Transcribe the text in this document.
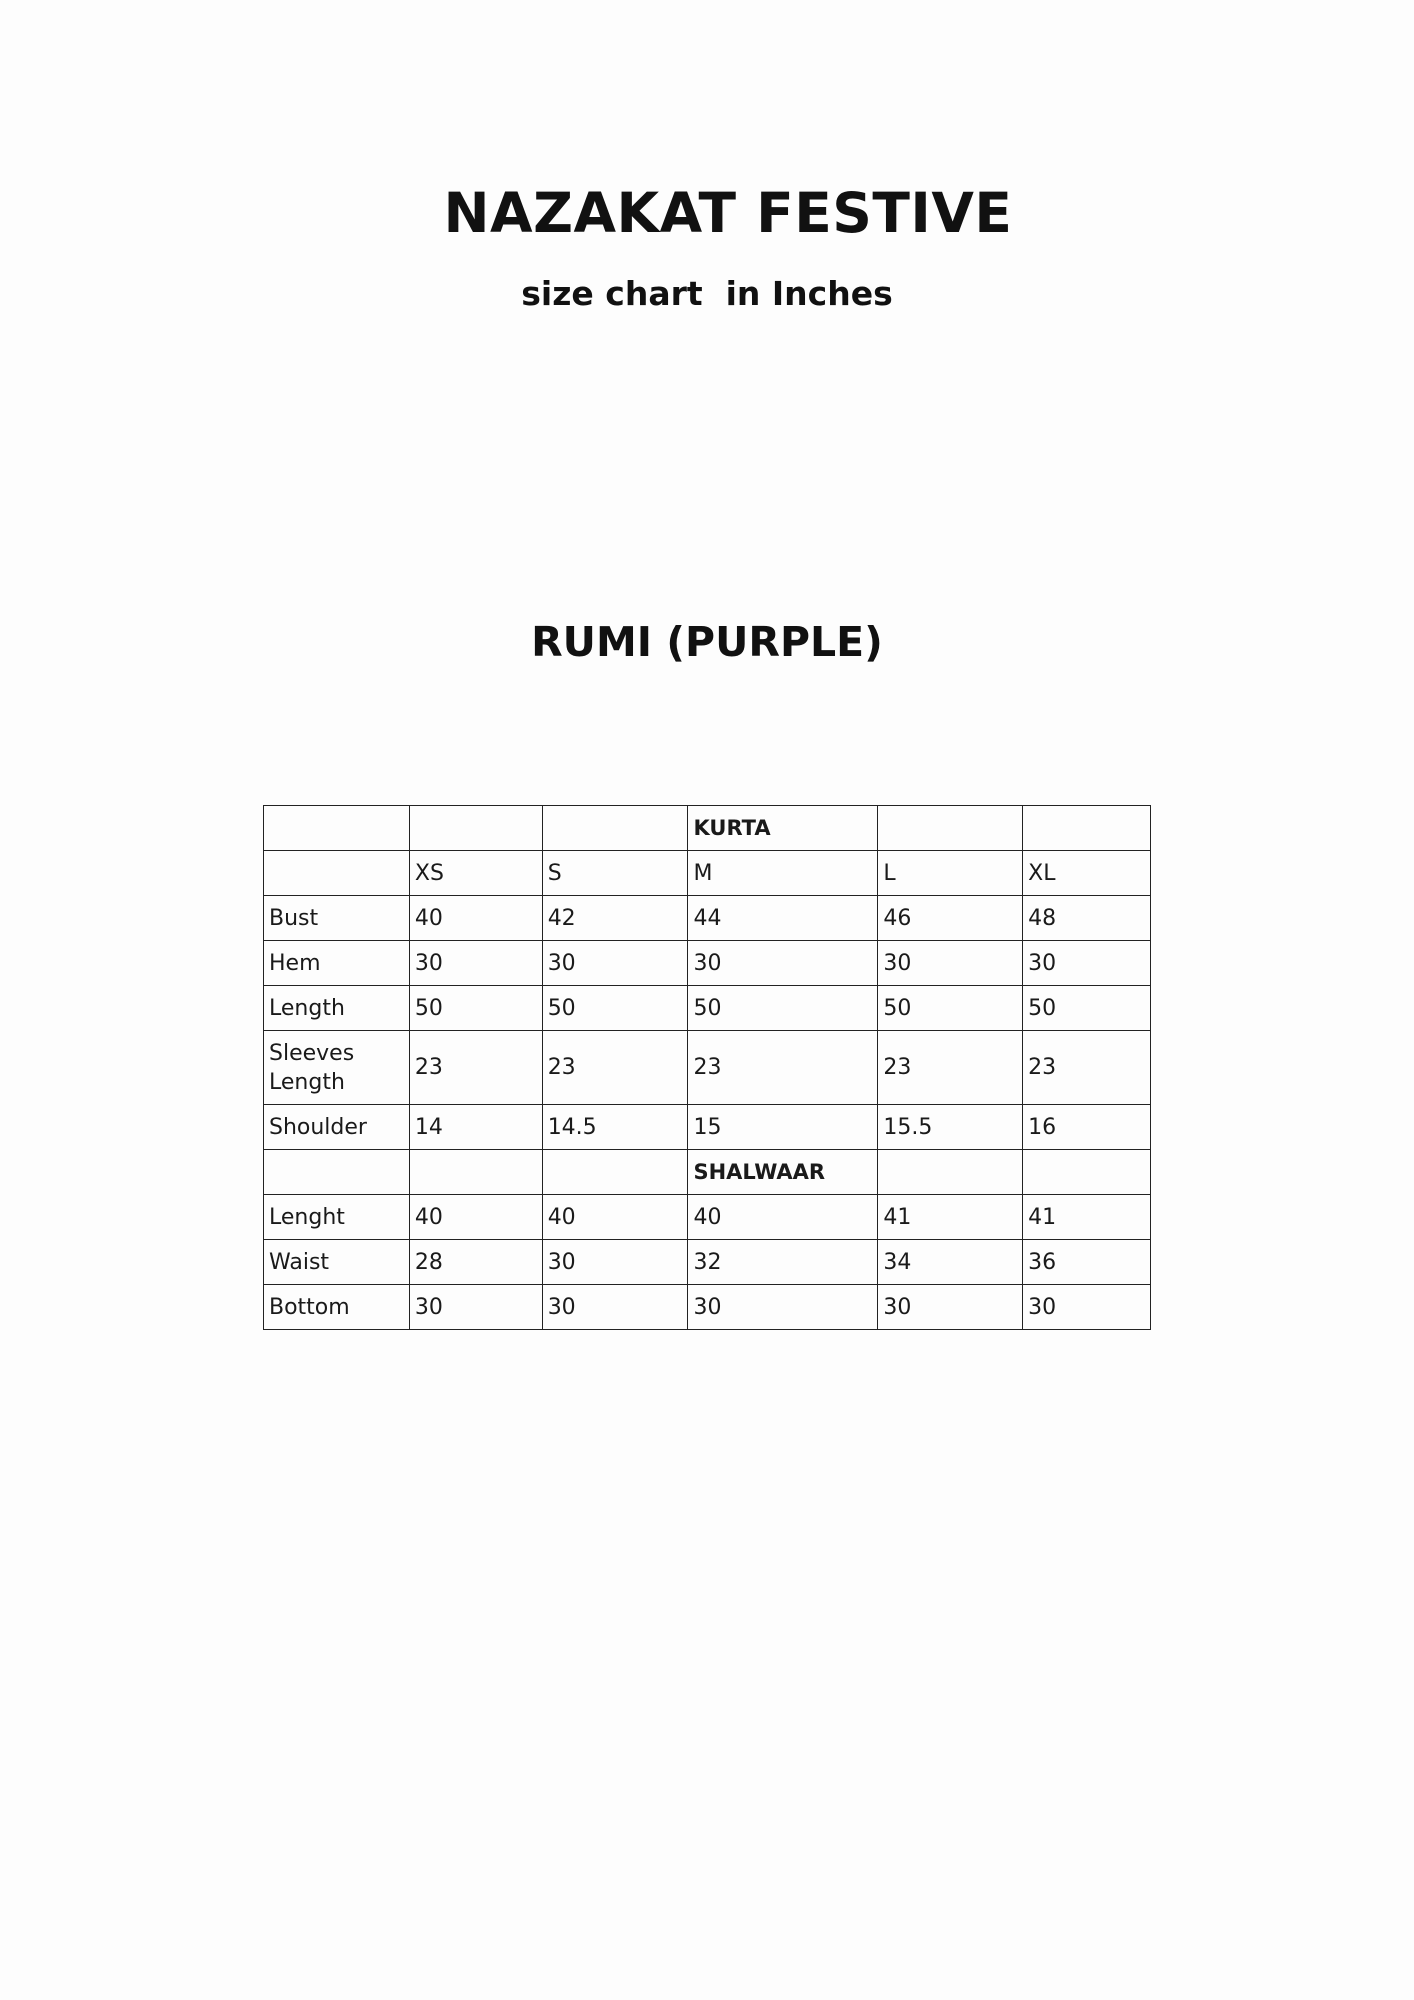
NAZAKAT FESTIVE
size chart  in Inches
RUMI (PURPLE)
			KURTA		
	XS	S	M	L	XL
Bust	40	42	44	46	48
Hem	30	30	30	30	30
Length	50	50	50	50	50
Sleeves Length	23	23	23	23	23
Shoulder	14	14.5	15	15.5	16
			SHALWAAR		
Lenght	40	40	40	41	41
Waist	28	30	32	34	36
Bottom	30	30	30	30	30
